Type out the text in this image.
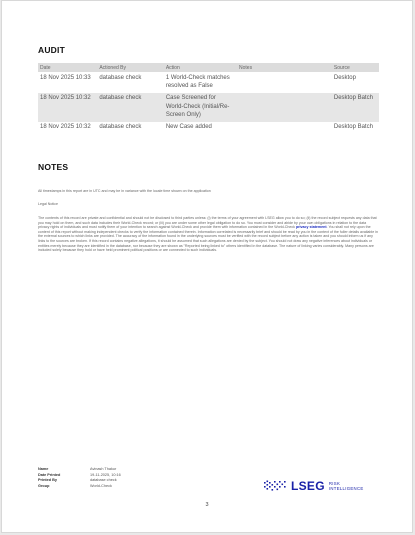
AUDIT
Date	Actioned By	Action	Notes	Source
18 Nov 2025 10:33	database check	1 World-Check matches resolved as False		Desktop
18 Nov 2025 10:32	database check	Case Screened for World-Check (Initial/Re-Screen Only)		Desktop Batch
18 Nov 2025 10:32	database check	New Case added		Desktop Batch
NOTES
All timestamps in this report are in UTC and may be in variance with the locale time shown on the application
Legal Notice
The contents of this record are private and confidential and should not be disclosed to third parties unless: (i) the terms of your agreement with LSEG allow you to do so; (ii) the record subject requests any data that you may hold on them, and such data includes their World-Check record; or (iii) you are under some other legal obligation to do so. You must consider and abide by your own obligations in relation to the data privacy rights of individuals and must notify them of your intention to search against World-Check and provide them with information contained in the World-Check privacy statement. You shall not rely upon the content of this report without making independent checks to verify the information contained therein. Information correlated is necessarily brief and should be read by you in the context of the fuller details available in the external sources to which links are provided. The accuracy of the information found in the underlying sources must be verified with the record subject before any action is taken and you should inform us if any links to the sources are broken. If this record contains negative allegations, it should be assumed that such allegations are denied by the subject. You should not draw any negative inferences about individuals or entities merely because they are identified in the database, nor because they are shown as "Reported being linked to" others identified in the database. The nature of linking varies considerably. Many persons are included solely because they hold or have held prominent political positions or are connected to such individuals.
Name	Avinash Thakur
Date Printed	19-11-2025, 10:16
Printed By	database check
Group	World-Check	LSEG RISK
INTELLIGENCE
3
